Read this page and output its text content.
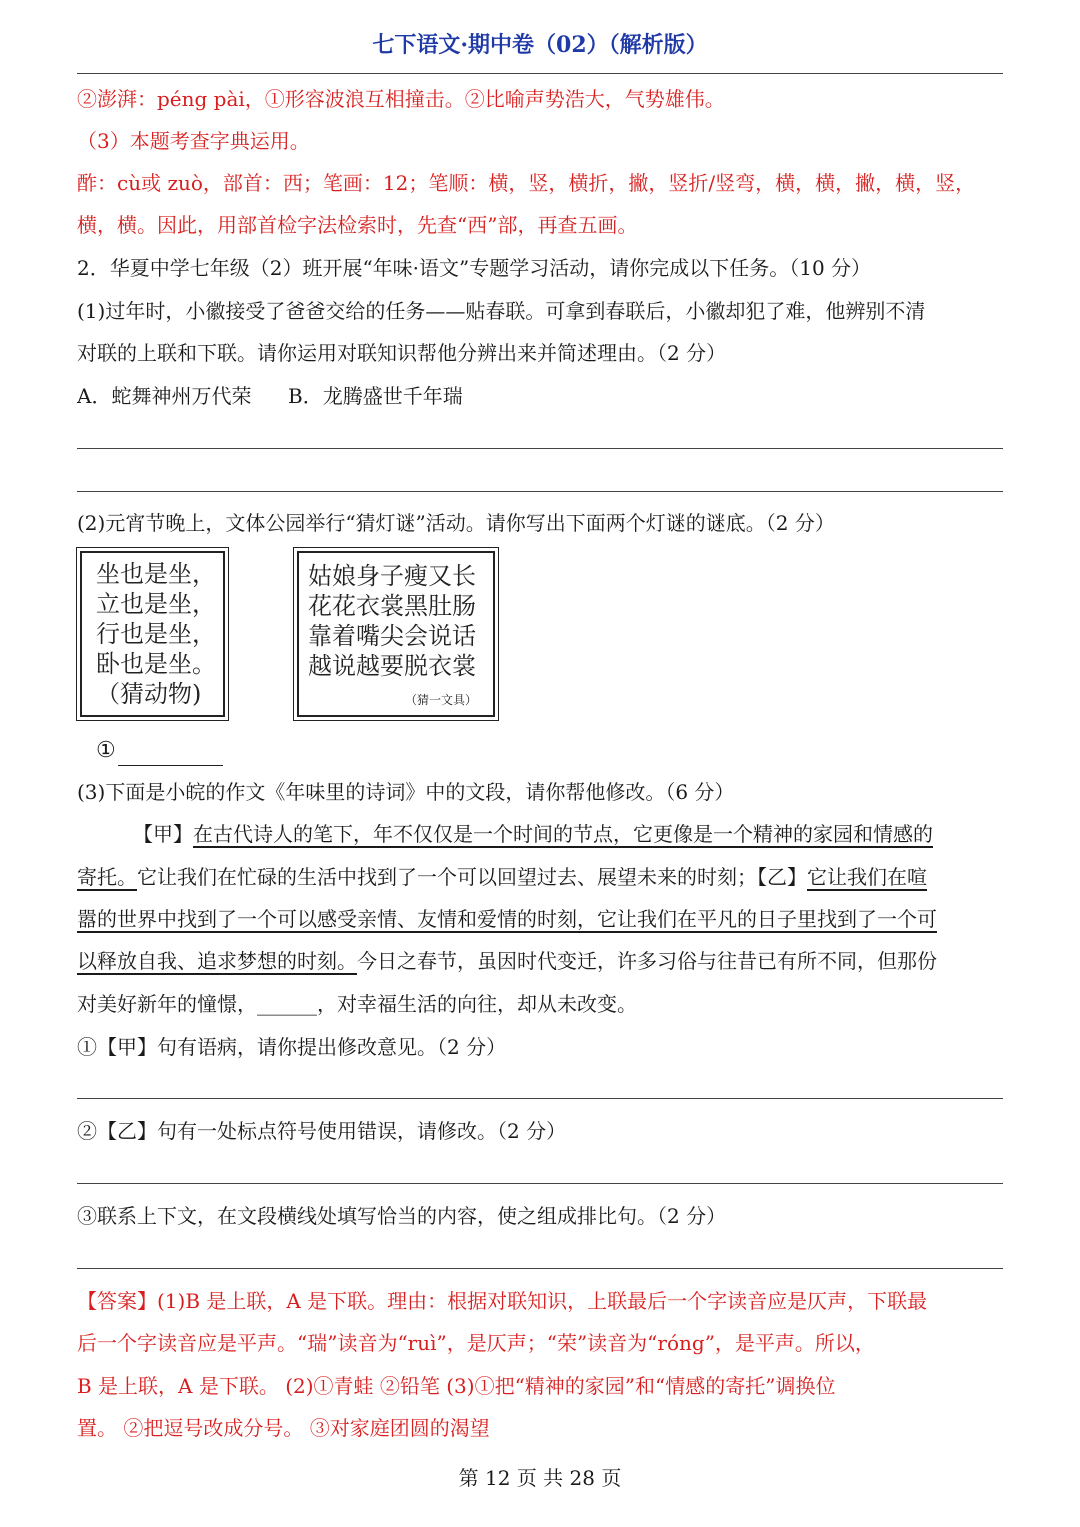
七下语文·期中卷（02）（解析版）
②澎湃：péng pài，①形容波浪互相撞击。②比喻声势浩大，气势雄伟。
（3）本题考查字典运用。
酢：cù或 zuò，部首：西；笔画：12；笔顺：横，竖，横折，撇，竖折/竖弯，横，横，撇，横，竖，
横，横。因此，用部首检字法检索时，先查“西”部，再查五画。
2．华夏中学七年级（2）班开展“年味·语文”专题学习活动，请你完成以下任务。（10 分）
(1)过年时，小徽接受了爸爸交给的任务——贴春联。可拿到春联后，小徽却犯了难，他辨别不清
对联的上联和下联。请你运用对联知识帮他分辨出来并简述理由。（2 分）
A．蛇舞神州万代荣 B．龙腾盛世千年瑞
(2)元宵节晚上，文体公园举行“猜灯谜”活动。请你写出下面两个灯谜的谜底。（2 分）
坐也是坐，
立也是坐，
行也是坐，
卧也是坐。
（猜动物)
姑娘身子瘦又长
花花衣裳黑肚肠
靠着嘴尖会说话
越说越要脱衣裳
（猜一文具）
①
(3)下面是小皖的作文《年味里的诗词》中的文段，请你帮他修改。（6 分）
【甲】在古代诗人的笔下，年不仅仅是一个时间的节点，它更像是一个精神的家园和情感的
寄托。它让我们在忙碌的生活中找到了一个可以回望过去、展望未来的时刻；【乙】它让我们在喧
嚣的世界中找到了一个可以感受亲情、友情和爱情的时刻，它让我们在平凡的日子里找到了一个可
以释放自我、追求梦想的时刻。今日之春节，虽因时代变迁，许多习俗与往昔已有所不同，但那份
对美好新年的憧憬，______，对幸福生活的向往，却从未改变。
①【甲】句有语病，请你提出修改意见。（2 分）
②【乙】句有一处标点符号使用错误，请修改。（2 分）
③联系上下文，在文段横线处填写恰当的内容，使之组成排比句。（2 分）
【答案】(1)B 是上联，A 是下联。理由：根据对联知识，上联最后一个字读音应是仄声，下联最
后一个字读音应是平声。“瑞”读音为“ruì”，是仄声；“荣”读音为“róng”，是平声。所以，
B 是上联，A 是下联。 (2)①青蛙 ②铅笔 (3)①把“精神的家园”和“情感的寄托”调换位
置。 ②把逗号改成分号。 ③对家庭团圆的渴望
第 12 页 共 28 页
